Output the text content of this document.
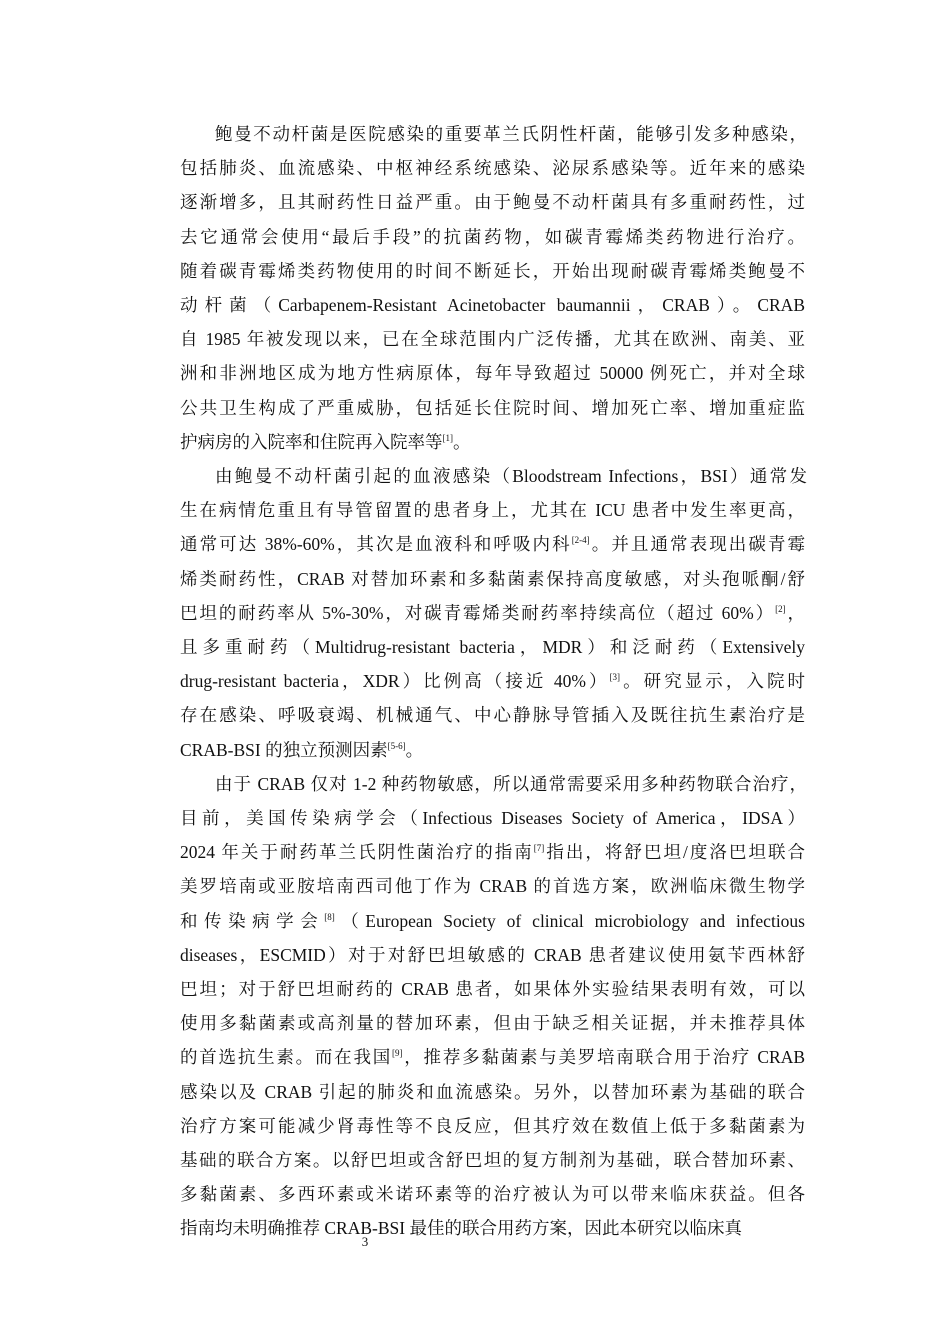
鲍曼不动杆菌是医院感染的重要革兰氏阴性杆菌，能够引发多种感染，
包括肺炎、血流感染、中枢神经系统感染、泌尿系感染等。近年来的感染
逐渐增多，且其耐药性日益严重。由于鲍曼不动杆菌具有多重耐药性，过
去它通常会使用“最后手段”的抗菌药物，如碳青霉烯类药物进行治疗。
随着碳青霉烯类药物使用的时间不断延长，开始出现耐碳青霉烯类鲍曼不
动杆菌（Carbapenem-Resistant Acinetobacter baumannii，CRAB）。CRAB
自 1985 年被发现以来，已在全球范围内广泛传播，尤其在欧洲、南美、亚
洲和非洲地区成为地方性病原体，每年导致超过 50000 例死亡，并对全球
公共卫生构成了严重威胁，包括延长住院时间、增加死亡率、增加重症监
护病房的入院率和住院再入院率等[1]。
由鲍曼不动杆菌引起的血液感染（Bloodstream Infections，BSI）通常发
生在病情危重且有导管留置的患者身上，尤其在 ICU 患者中发生率更高，
通常可达 38%-60%，其次是血液科和呼吸内科[2-4]。并且通常表现出碳青霉
烯类耐药性，CRAB 对替加环素和多黏菌素保持高度敏感，对头孢哌酮/舒
巴坦的耐药率从 5%-30%，对碳青霉烯类耐药率持续高位（超过 60%）[2]，
且多重耐药（Multidrug-resistant bacteria，MDR）和泛耐药（Extensively
drug-resistant bacteria，XDR）比例高（接近 40%）[3]。研究显示，入院时
存在感染、呼吸衰竭、机械通气、中心静脉导管插入及既往抗生素治疗是
CRAB-BSI 的独立预测因素[5-6]。
由于 CRAB 仅对 1-2 种药物敏感，所以通常需要采用多种药物联合治疗，
目前，美国传染病学会（Infectious Diseases Society of America，IDSA）
2024 年关于耐药革兰氏阴性菌治疗的指南[7]指出，将舒巴坦/度洛巴坦联合
美罗培南或亚胺培南西司他丁作为 CRAB 的首选方案，欧洲临床微生物学
和传染病学会[8]（European Society of clinical microbiology and infectious
diseases，ESCMID）对于对舒巴坦敏感的 CRAB 患者建议使用氨苄西林舒
巴坦；对于舒巴坦耐药的 CRAB 患者，如果体外实验结果表明有效，可以
使用多黏菌素或高剂量的替加环素，但由于缺乏相关证据，并未推荐具体
的首选抗生素。而在我国[9]，推荐多黏菌素与美罗培南联合用于治疗 CRAB
感染以及 CRAB 引起的肺炎和血流感染。另外，以替加环素为基础的联合
治疗方案可能减少肾毒性等不良反应，但其疗效在数值上低于多黏菌素为
基础的联合方案。以舒巴坦或含舒巴坦的复方制剂为基础，联合替加环素、
多黏菌素、多西环素或米诺环素等的治疗被认为可以带来临床获益。但各
指南均未明确推荐 CRAB-BSI 最佳的联合用药方案，因此本研究以临床真
3
